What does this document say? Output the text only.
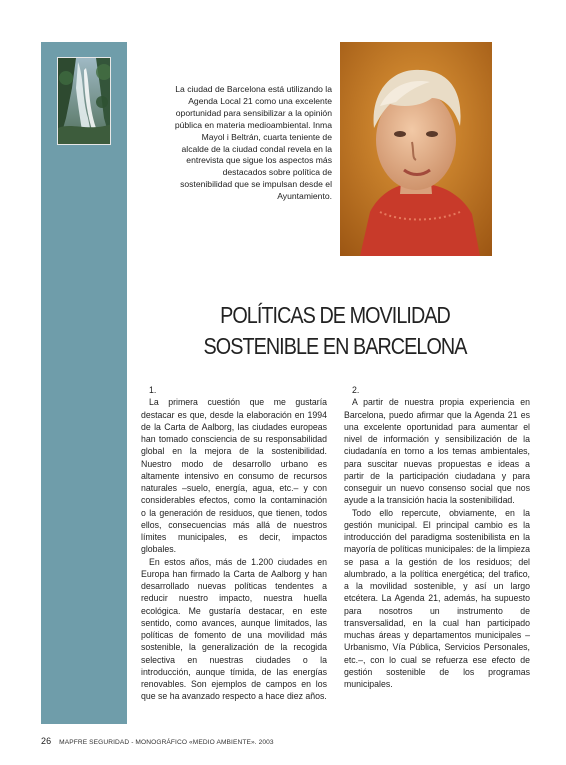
La ciudad de Barcelona está utilizando la Agenda Local 21 como una excelente oportunidad para sensibilizar a la opinión pública en materia medioambiental. Inma Mayol i Beltrán, cuarta teniente de alcalde de la ciudad condal revela en la entrevista que sigue los aspectos más destacados sobre política de sostenibilidad que se impulsan desde el Ayuntamiento.
POLÍTICAS DE MOVILIDAD
SOSTENIBLE EN BARCELONA

1.

La primera cuestión que me gustaría destacar es que, desde la elaboración en 1994 de la Carta de Aalborg, las ciudades europeas han tomado consciencia de su responsabilidad global en la mejora de la sostenibilidad. Nuestro modo de desarrollo urbano es altamente intensivo en consumo de recursos naturales –suelo, energía, agua, etc.– y con considerables efectos, como la contaminación o la generación de residuos, que tienen, todos ellos, consecuencias más allá de nuestros límites municipales, es decir, impactos globales.

En estos años, más de 1.200 ciudades en Europa han firmado la Carta de Aalborg y han desarrollado nuevas políticas tendentes a reducir nuestro impacto, nuestra huella ecológica. Me gustaría destacar, en este sentido, como avances, aunque limitados, las políticas de fomento de una movilidad más sostenible, la generalización de la recogida selectiva en nuestras ciudades o la introducción, aunque tímida, de las energías renovables. Son ejemplos de campos en los que se ha avanzado respecto a hace diez años.

2.

A partir de nuestra propia experiencia en Barcelona, puedo afirmar que la Agenda 21 es una excelente oportunidad para aumentar el nivel de información y sensibilización de la ciudadanía en torno a los temas ambientales, para suscitar nuevas propuestas e ideas a partir de la participación ciudadana y para conseguir un nuevo consenso social que nos ayude a la transición hacia la sostenibilidad.

Todo ello repercute, obviamente, en la gestión municipal. El principal cambio es la introducción del paradigma sostenibilista en la mayoría de políticas municipales: de la limpieza se pasa a la gestión de los residuos; del alumbrado, a la política energética; del trafico, a la movilidad sostenible, y así un largo etcétera. La Agenda 21, además, ha supuesto para nosotros un instrumento de transversalidad, en la cual han participado muchas áreas y departamentos municipales –Urbanismo, Vía Pública, Servicios Personales, etc.–, con lo cual se refuerza ese efecto de gestión sostenible de los programas municipales.

26 MAPFRE SEGURIDAD - MONOGRÁFICO «MEDIO AMBIENTE». 2003
